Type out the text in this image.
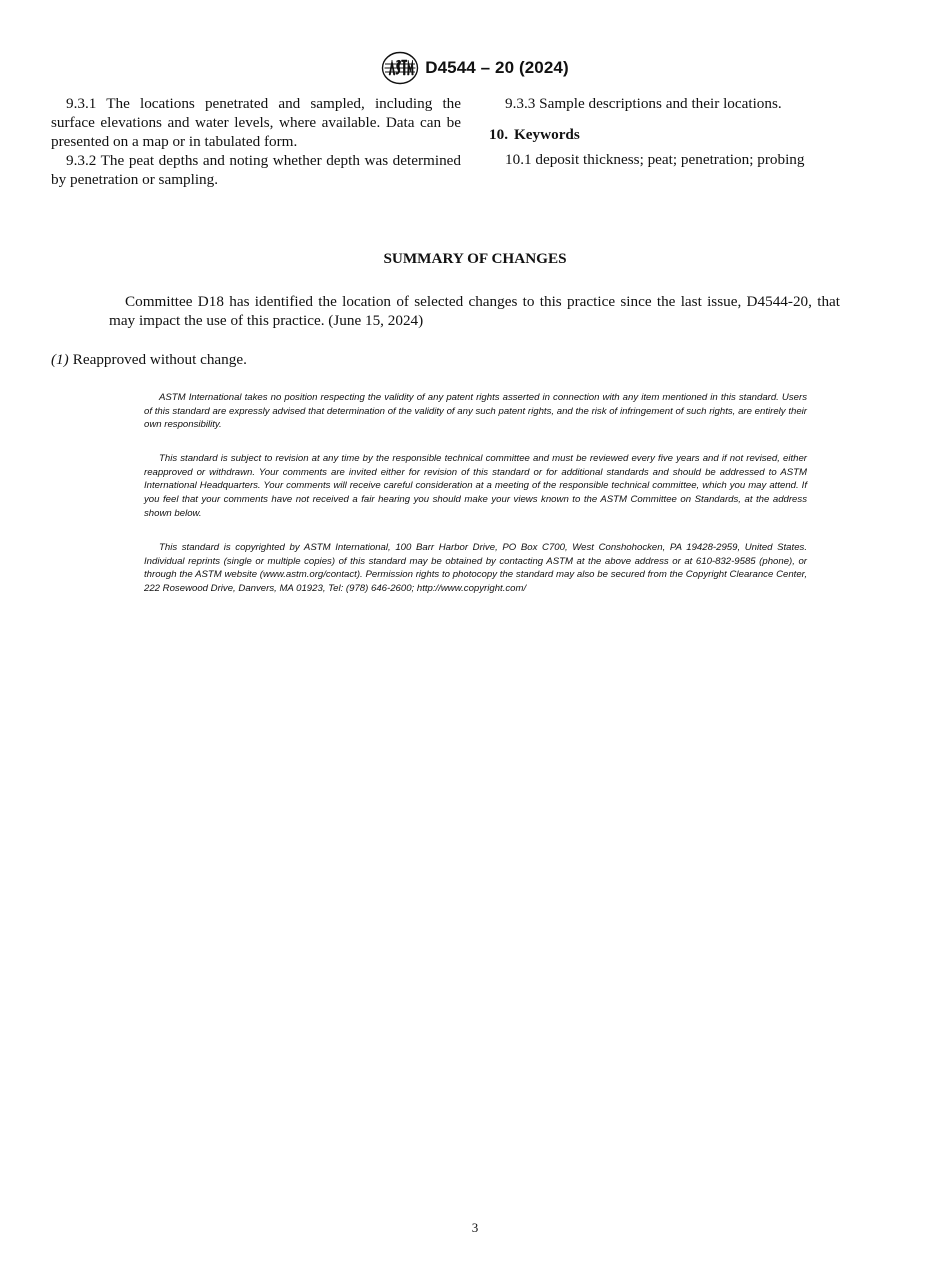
D4544 – 20 (2024)

9.3.1 The locations penetrated and sampled, including the surface elevations and water levels, where available. Data can be presented on a map or in tabulated form.

9.3.2 The peat depths and noting whether depth was determined by penetration or sampling.

9.3.3 Sample descriptions and their locations.

10. Keywords

10.1 deposit thickness; peat; penetration; probing

SUMMARY OF CHANGES

Committee D18 has identified the location of selected changes to this practice since the last issue, D4544-20, that may impact the use of this practice. (June 15, 2024)

(1) Reapproved without change.

ASTM International takes no position respecting the validity of any patent rights asserted in connection with any item mentioned in this standard. Users of this standard are expressly advised that determination of the validity of any such patent rights, and the risk of infringement of such rights, are entirely their own responsibility.

This standard is subject to revision at any time by the responsible technical committee and must be reviewed every five years and if not revised, either reapproved or withdrawn. Your comments are invited either for revision of this standard or for additional standards and should be addressed to ASTM International Headquarters. Your comments will receive careful consideration at a meeting of the responsible technical committee, which you may attend. If you feel that your comments have not received a fair hearing you should make your views known to the ASTM Committee on Standards, at the address shown below.

This standard is copyrighted by ASTM International, 100 Barr Harbor Drive, PO Box C700, West Conshohocken, PA 19428-2959, United States. Individual reprints (single or multiple copies) of this standard may be obtained by contacting ASTM at the above address or at 610-832-9585 (phone), or through the ASTM website (www.astm.org/contact). Permission rights to photocopy the standard may also be secured from the Copyright Clearance Center, 222 Rosewood Drive, Danvers, MA 01923, Tel: (978) 646-2600; http://www.copyright.com/

3
